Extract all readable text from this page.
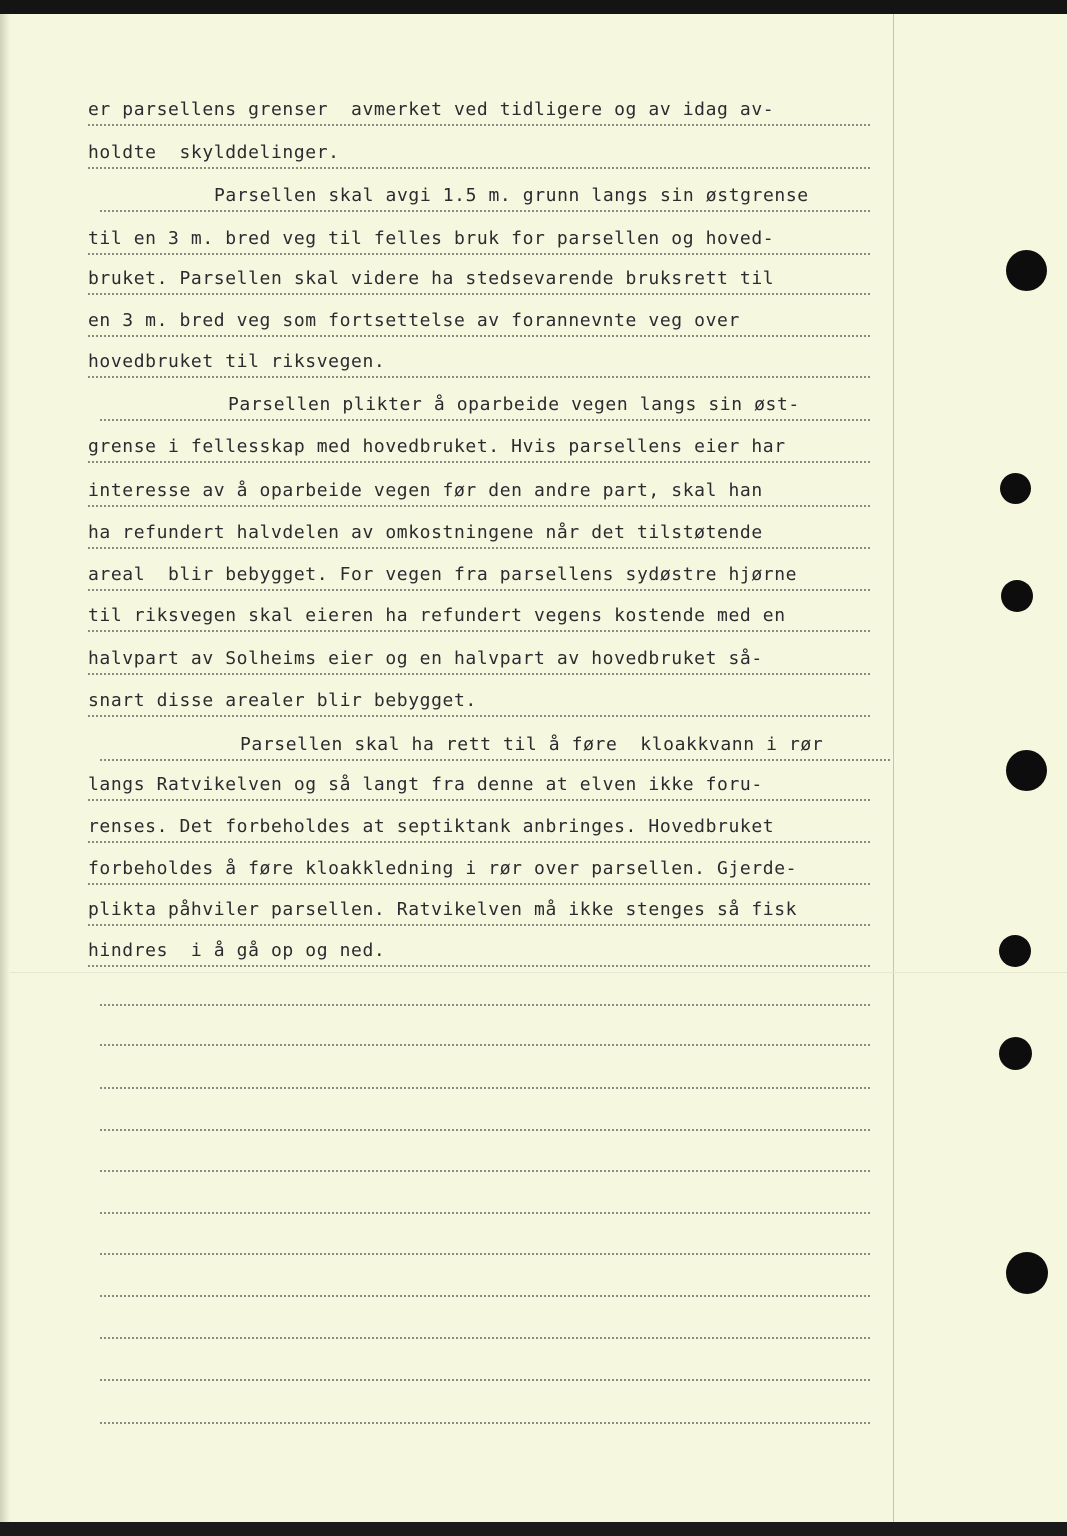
er parsellens grenser  avmerket ved tidligere og av idag av-
holdte  skylddelinger.
Parsellen skal avgi 1.5 m. grunn langs sin østgrense
til en 3 m. bred veg til felles bruk for parsellen og hoved-
bruket. Parsellen skal videre ha stedsevarende bruksrett til
en 3 m. bred veg som fortsettelse av forannevnte veg over
hovedbruket til riksvegen.
Parsellen plikter å oparbeide vegen langs sin øst-
grense i fellesskap med hovedbruket. Hvis parsellens eier har
interesse av å oparbeide vegen før den andre part, skal han
ha refundert halvdelen av omkostningene når det tilstøtende
areal  blir bebygget. For vegen fra parsellens sydøstre hjørne
til riksvegen skal eieren ha refundert vegens kostende med en
halvpart av Solheims eier og en halvpart av hovedbruket så-
snart disse arealer blir bebygget.
Parsellen skal ha rett til å føre  kloakkvann i rør
langs Ratvikelven og så langt fra denne at elven ikke foru-
renses. Det forbeholdes at septiktank anbringes. Hovedbruket
forbeholdes å føre kloakkledning i rør over parsellen. Gjerde-
plikta påhviler parsellen. Ratvikelven må ikke stenges så fisk
hindres  i å gå op og ned.
